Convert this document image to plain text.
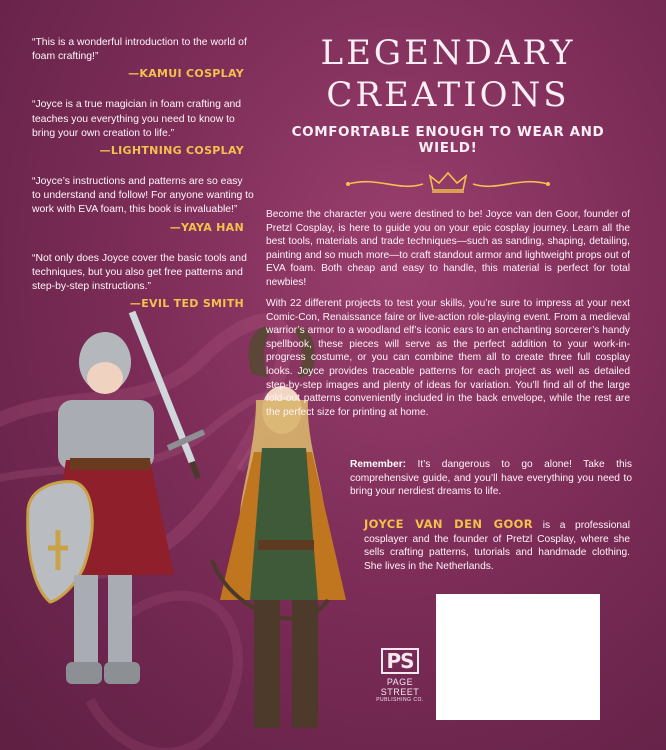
“This is a wonderful introduction to the world of foam crafting!”
—KAMUI COSPLAY
“Joyce is a true magician in foam crafting and teaches you everything you need to know to bring your own creation to life.”
—LIGHTNING COSPLAY
“Joyce’s instructions and patterns are so easy to understand and follow! For anyone wanting to work with EVA foam, this book is invaluable!”
—YAYA HAN
“Not only does Joyce cover the basic tools and techniques, but you also get free patterns and step-by-step instructions.”
—EVIL TED SMITH
LEGENDARY
CREATIONS
COMFORTABLE ENOUGH TO WEAR AND WIELD!
Become the character you were destined to be! Joyce van den Goor, founder of Pretzl Cosplay, is here to guide you on your epic cosplay journey. Learn all the best tools, materials and trade techniques—such as sanding, shaping, detailing, painting and so much more—to craft standout armor and lightweight props out of EVA foam. Both cheap and easy to handle, this material is perfect for total newbies!
With 22 different projects to test your skills, you’re sure to impress at your next Comic-Con, Renaissance faire or live-action role-playing event. From a medieval warrior’s armor to a woodland elf’s iconic ears to an enchanting sorcerer’s handy spellbook, these pieces will serve as the perfect addition to your work-in-progress costume, or you can combine them all to create three full cosplay looks. Joyce provides traceable patterns for each project as well as detailed step-by-step images and plenty of ideas for variation. You’ll find all of the large fold-out patterns conveniently included in the back envelope, while the rest are the perfect size for printing at home.
Remember: It’s dangerous to go alone! Take this comprehensive guide, and you’ll have everything you need to bring your nerdiest dreams to life.
JOYCE VAN DEN GOOR is a professional cosplayer and the founder of Pretzl Cosplay, where she sells crafting patterns, tutorials and handmade clothing. She lives in the Netherlands.
PS
PAGE STREET
PUBLISHING CO.
